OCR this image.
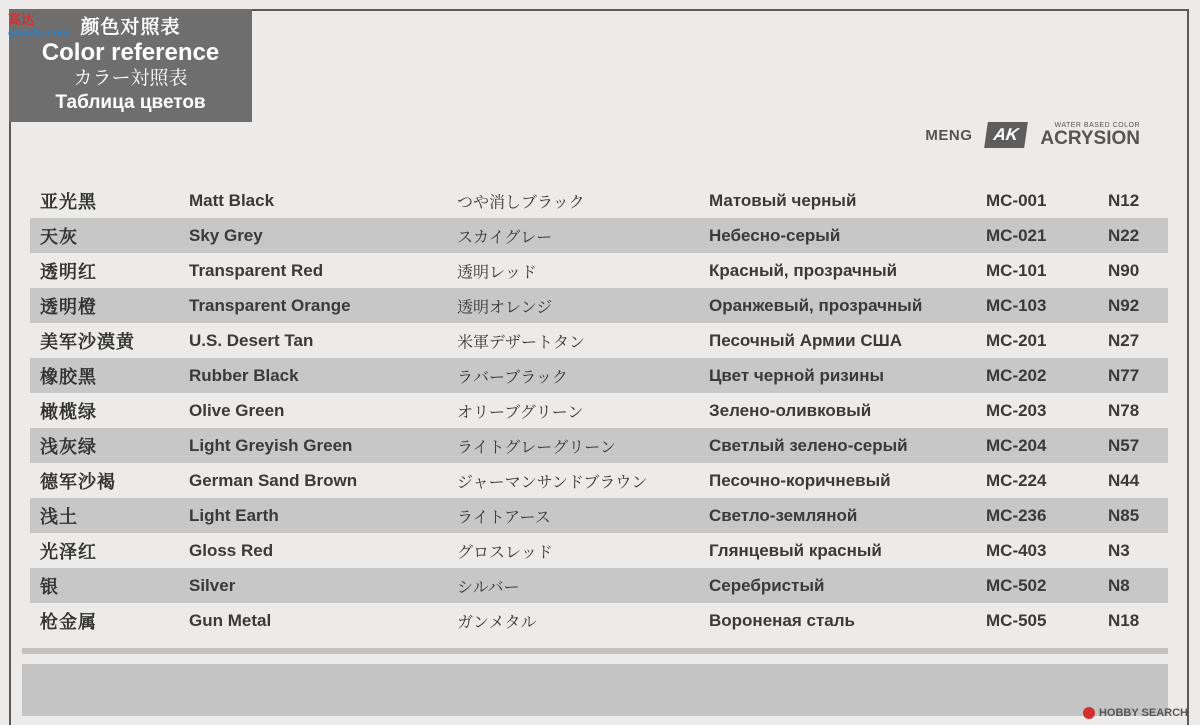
颜色对照表
Color reference
カラー対照表
Таблица цветов
高达
gaoda.com
MENG	AK	WATER BASED COLOR
ACRYSION
亚光黑	Matt Black	つや消しブラック	Матовый черный	MC-001	N12
天灰	Sky Grey	スカイグレー	Небесно-серый	MC-021	N22
透明红	Transparent Red	透明レッド	Красный, прозрачный	MC-101	N90
透明橙	Transparent Orange	透明オレンジ	Оранжевый, прозрачный	MC-103	N92
美军沙漠黄	U.S. Desert Tan	米軍デザートタン	Песочный Армии США	MC-201	N27
橡胶黑	Rubber Black	ラバーブラック	Цвет черной ризины	MC-202	N77
橄榄绿	Olive Green	オリーブグリーン	Зелено-оливковый	MC-203	N78
浅灰绿	Light Greyish Green	ライトグレーグリーン	Светлый зелено-серый	MC-204	N57
德军沙褐	German Sand Brown	ジャーマンサンドブラウン	Песочно-коричневый	MC-224	N44
浅土	Light Earth	ライトアース	Светло-земляной	MC-236	N85
光泽红	Gloss Red	グロスレッド	Глянцевый красный	MC-403	N3
银	Silver	シルバー	Серебристый	MC-502	N8
枪金属	Gun Metal	ガンメタル	Вороненая сталь	MC-505	N18
HOBBY SEARCH
